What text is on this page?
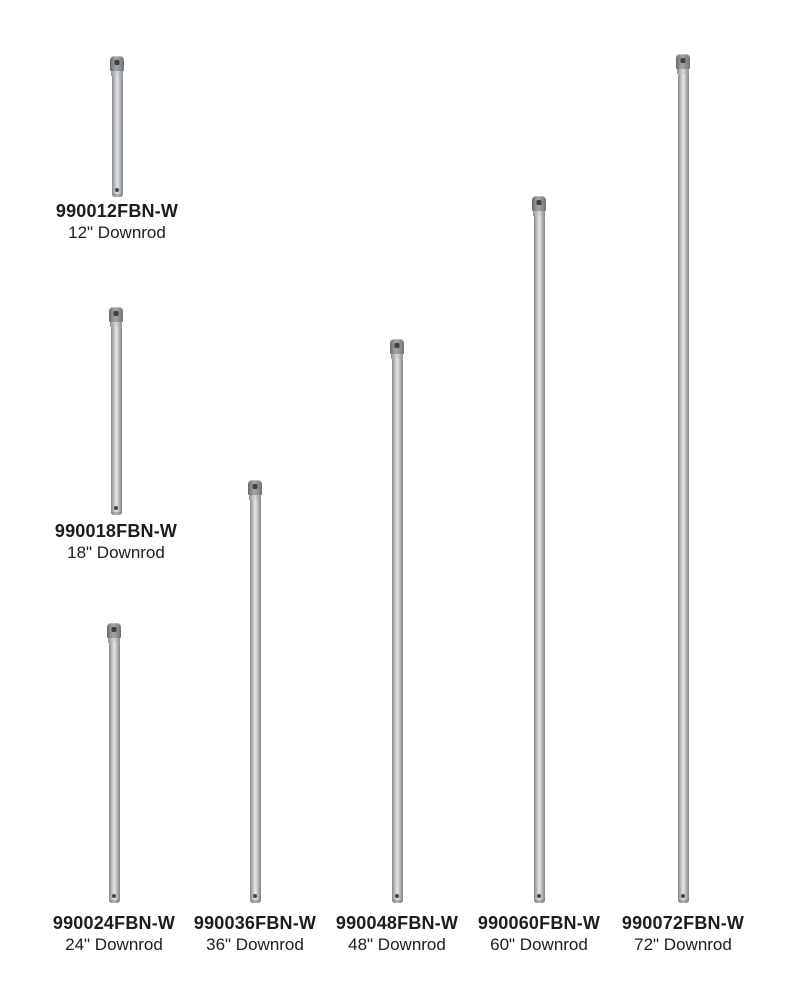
990012FBN-W
12" Downrod
990018FBN-W
18" Downrod
990024FBN-W
24" Downrod
990036FBN-W
36" Downrod
990048FBN-W
48" Downrod
990060FBN-W
60" Downrod
990072FBN-W
72" Downrod
